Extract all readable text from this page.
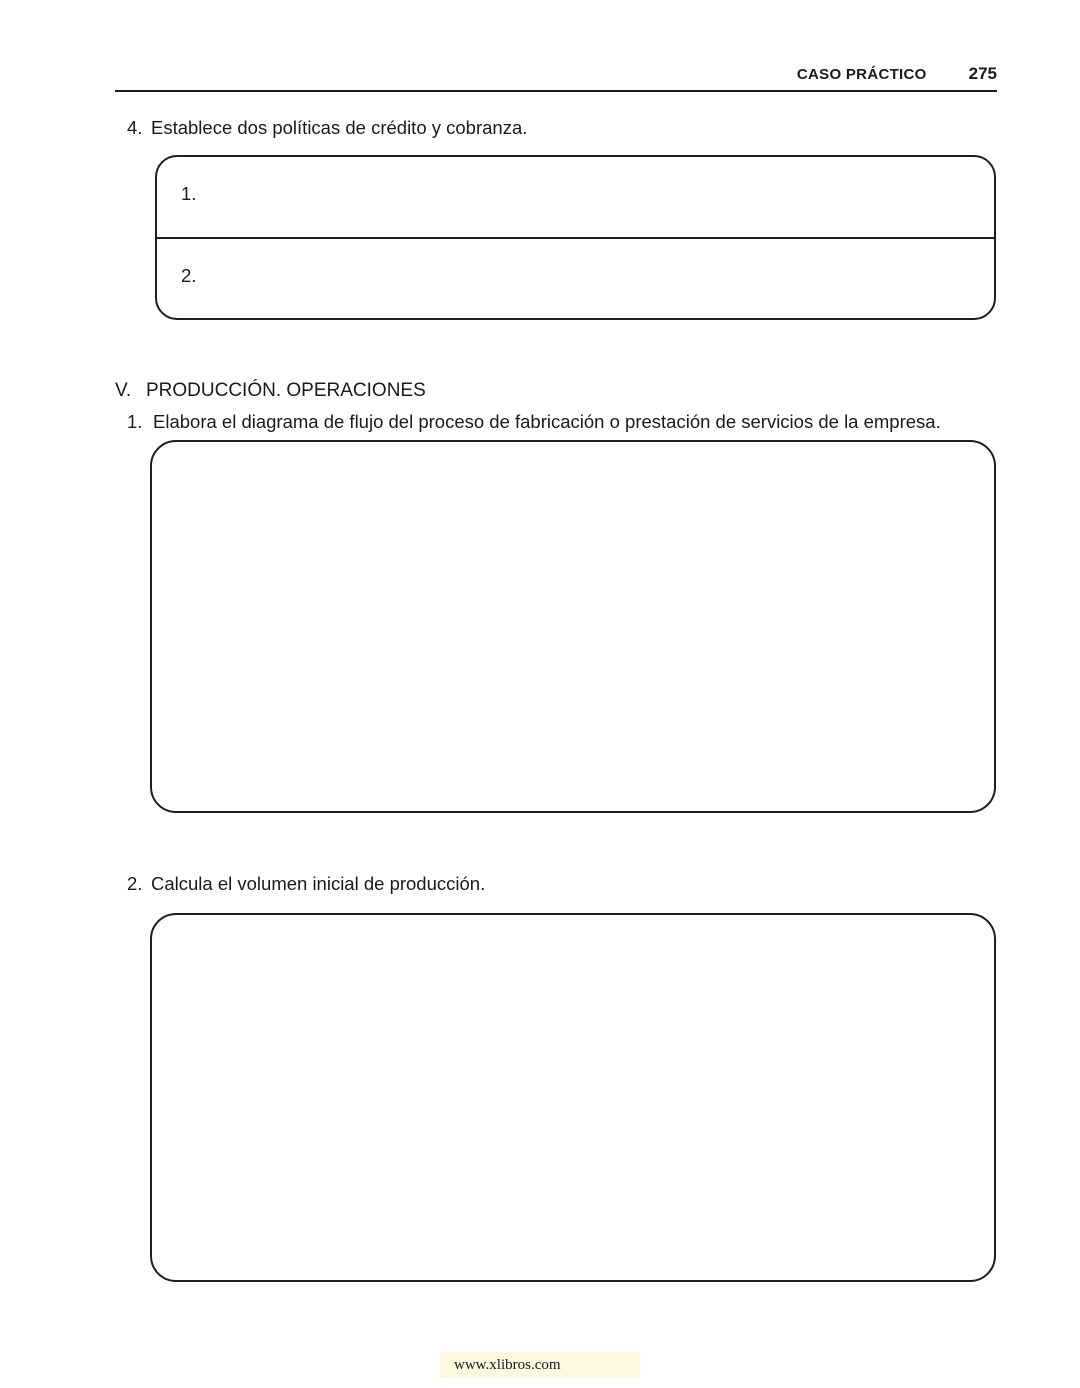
CASO PRÁCTICO 275
4. Establece dos políticas de crédito y cobranza.
1.
2.
V. PRODUCCIÓN. OPERACIONES
1. Elabora el diagrama de flujo del proceso de fabricación o prestación de servicios de la empresa.
2. Calcula el volumen inicial de producción.
www.xlibros.com
